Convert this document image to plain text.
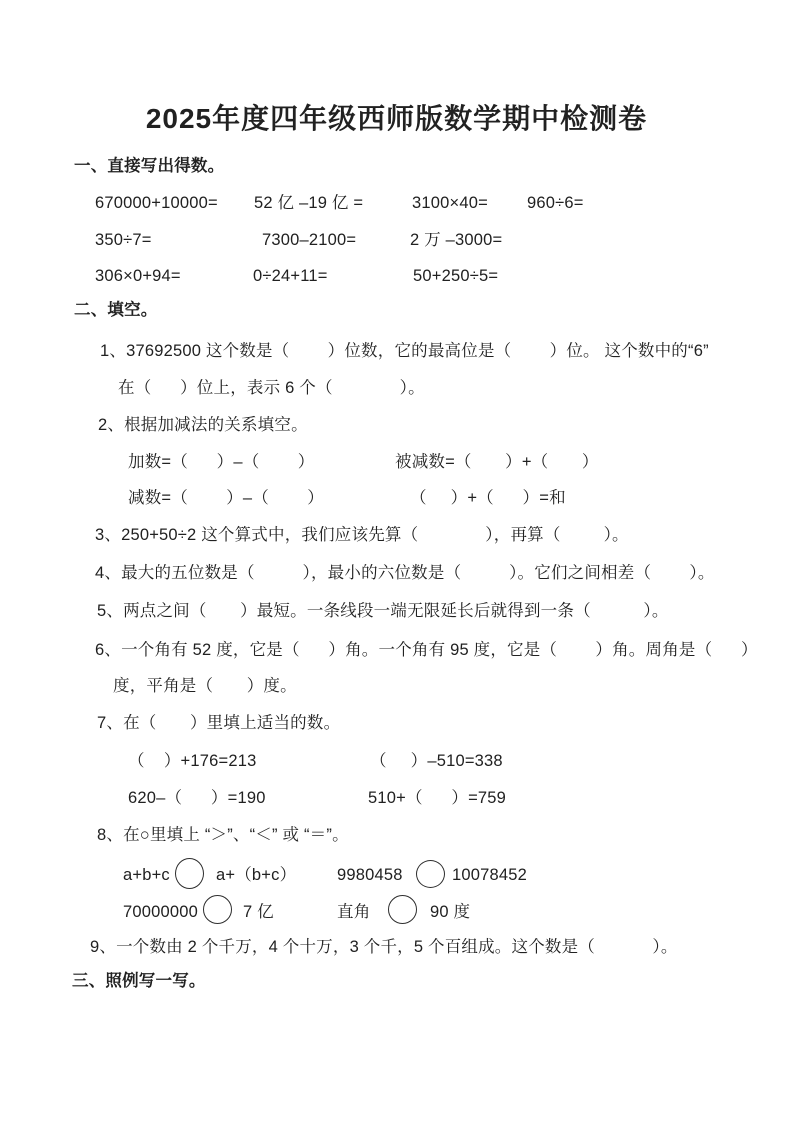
2025年度四年级西师版数学期中检测卷
一、直接写出得数。
670000+10000= 52 亿 –19 亿 =	3100×40= 960÷6=
350÷7=	7300–2100=	2 万 –3000=
306×0+94=	0÷24+11=	50+250÷5=
二、填空。
1、37692500 这个数是（        ）位数，它的最高位是（        ）位。 这个数中的“6”
在（      ）位上，表示 6 个（              ）。
2、根据加减法的关系填空。
加数=（      ）–（        ）	被减数=（       ）+（       ）
减数=（        ）–（        ）	（     ）+（      ）=和
3、250+50÷2 这个算式中，我们应该先算（              ），再算（         ）。
4、最大的五位数是（          ），最小的六位数是（          ）。它们之间相差（        ）。
5、两点之间（       ）最短。一条线段一端无限延长后就得到一条（           ）。
6、一个角有 52 度，它是（      ）角。一个角有 95 度，它是（        ）角。周角是（      ）
度，平角是（       ）度。
7、在（       ）里填上适当的数。
（    ）+176=213	（     ）–510=338
620–（      ）=190	510+（      ）=759
8、在○里填上 “＞”、“＜” 或 “＝”。
a+b+c	a+（b+c） 9980458	10078452
70000000	7 亿	直角	90 度
9、一个数由 2 个千万，4 个十万，3 个千，5 个百组成。这个数是（            ）。
三、照例写一写。
